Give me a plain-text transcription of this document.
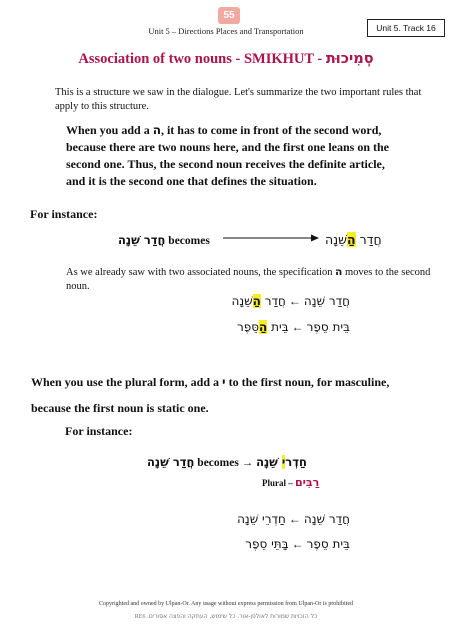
55
Unit 5 – Directions Places and Transportation	Unit 5. Track 16
Association of two nouns - SMIKHUT - סְמִיכוּת
This is a structure we saw in the dialogue. Let's summarize the two important rules that apply to this structure.
When you add a ה, it has to come in front of the second word, because there are two nouns here, and the first one leans on the second one. Thus, the second noun receives the definite article, and it is the second one that defines the situation.
For instance:
חֲדַר שֵׁנָה becomes	חֲדַר הַשֵּׁנָה
As we already saw with two associated nouns, the specification ה moves to the second noun.
חֲדַר שֵׁנָה ← חֲדַר הַשֵּׁנָה
בֵּית סֵפֶר ← בֵּית הַסֵּפֶר
When you use the plural form, add a י to the first noun, for masculine, because the first noun is static one.
For instance:
חֲדַר שֵׁנָה becomes →	חַדְרי שֵׁנָה
Plural – רַבִּים
חֲדַר שֵׁנָה ← חַדְרֵי שֵׁנָה
בֵּית סֵפֶר ← בָּתֵּי סֵפֶר
Copyrighted and owned by Ulpan-Or. Any usage without express permission from Ulpan-Or is prohibited
RE6 כל הזכויות שמורות לאולפן-אור. כל שימוש, העתקה והפצה אסורים.
